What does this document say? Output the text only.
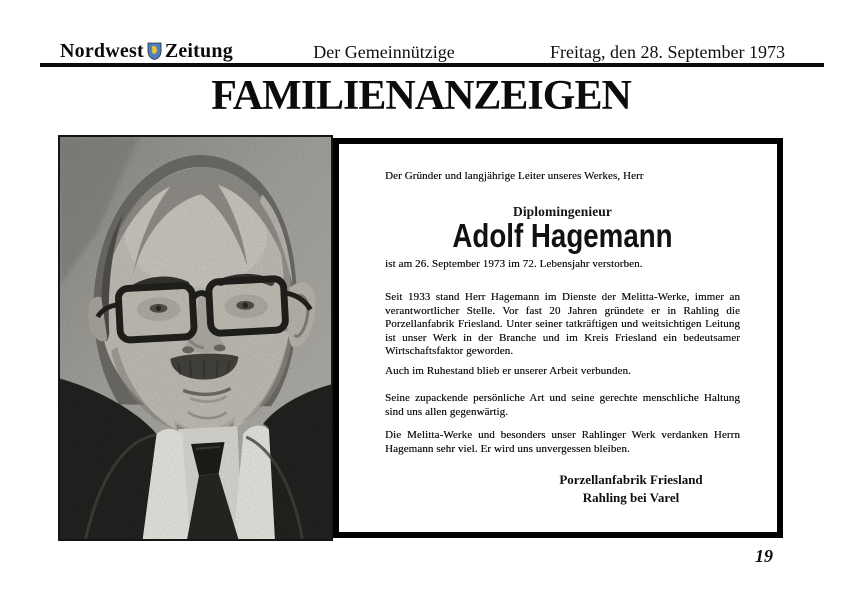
Nordwest Zeitung	Der Gemeinnützige	Freitag, den 28. September 1973
FAMILIENANZEIGEN

Der Gründer und langjährige Leiter unseres Werkes, Herr

Diplomingenieur

Adolf Hagemann

ist am 26. September 1973 im 72. Lebensjahr verstorben.

Seit 1933 stand Herr Hagemann im Dienste der Melitta-Werke, immer an verantwortlicher Stelle. Vor fast 20 Jahren gründete er in Rahling die Porzellanfabrik Friesland. Unter seiner tatkräftigen und weitsichtigen Leitung ist unser Werk in der Branche und im Kreis Friesland ein bedeutsamer Wirtschaftsfaktor geworden.

Auch im Ruhestand blieb er unserer Arbeit verbunden.

Seine zupackende persönliche Art und seine gerechte menschliche Haltung sind uns allen gegenwärtig.

Die Melitta-Werke und besonders unser Rahlinger Werk verdanken Herrn Hagemann sehr viel. Er wird uns unvergessen bleiben.

Porzellanfabrik Friesland
Rahling bei Varel
19
